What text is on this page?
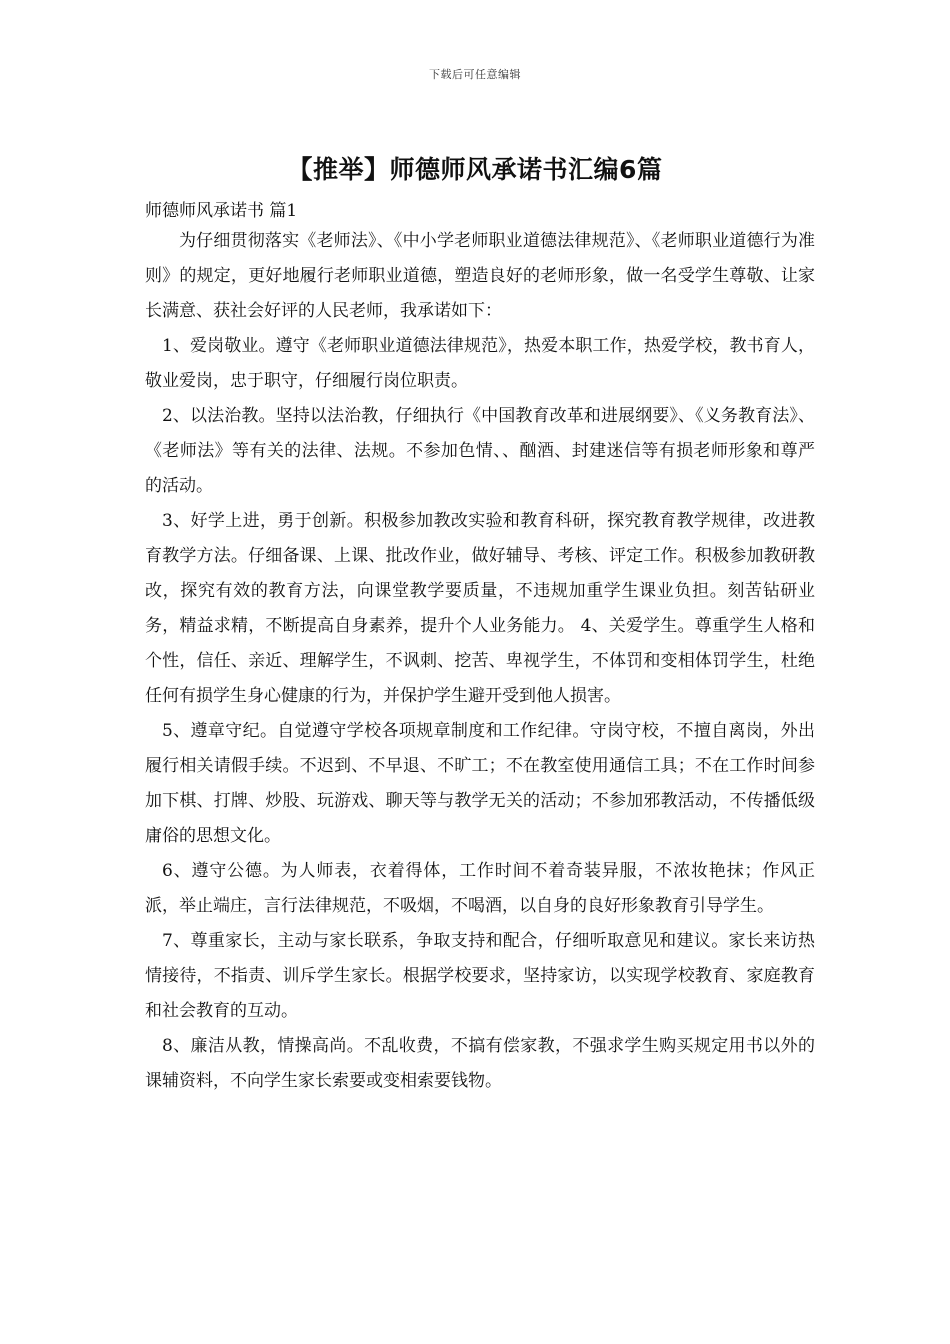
下载后可任意编辑
【推举】师德师风承诺书汇编6篇

师德师风承诺书 篇1

为仔细贯彻落实《老师法》、《中小学老师职业道德法律规范》、《老师职业道德行为准则》的规定，更好地履行老师职业道德，塑造良好的老师形象，做一名受学生尊敬、让家长满意、获社会好评的人民老师，我承诺如下：

1、爱岗敬业。遵守《老师职业道德法律规范》，热爱本职工作，热爱学校，教书育人，敬业爱岗，忠于职守，仔细履行岗位职责。

2、以法治教。坚持以法治教，仔细执行《中国教育改革和进展纲要》、《义务教育法》、《老师法》等有关的法律、法规。不参加色情、、酗酒、封建迷信等有损老师形象和尊严的活动。

3、好学上进，勇于创新。积极参加教改实验和教育科研，探究教育教学规律，改进教育教学方法。仔细备课、上课、批改作业，做好辅导、考核、评定工作。积极参加教研教改，探究有效的教育方法，向课堂教学要质量，不违规加重学生课业负担。刻苦钻研业务，精益求精，不断提高自身素养，提升个人业务能力。 4、关爱学生。尊重学生人格和个性，信任、亲近、理解学生，不讽刺、挖苦、卑视学生，不体罚和变相体罚学生，杜绝任何有损学生身心健康的行为，并保护学生避开受到他人损害。

5、遵章守纪。自觉遵守学校各项规章制度和工作纪律。守岗守校，不擅自离岗，外出履行相关请假手续。不迟到、不早退、不旷工；不在教室使用通信工具；不在工作时间参加下棋、打牌、炒股、玩游戏、聊天等与教学无关的活动；不参加邪教活动，不传播低级庸俗的思想文化。

6、遵守公德。为人师表，衣着得体，工作时间不着奇装异服，不浓妆艳抹；作风正派，举止端庄，言行法律规范，不吸烟，不喝酒，以自身的良好形象教育引导学生。

7、尊重家长，主动与家长联系，争取支持和配合，仔细听取意见和建议。家长来访热情接待，不指责、训斥学生家长。根据学校要求，坚持家访，以实现学校教育、家庭教育和社会教育的互动。

8、廉洁从教，情操高尚。不乱收费，不搞有偿家教，不强求学生购买规定用书以外的课辅资料，不向学生家长索要或变相索要钱物。
